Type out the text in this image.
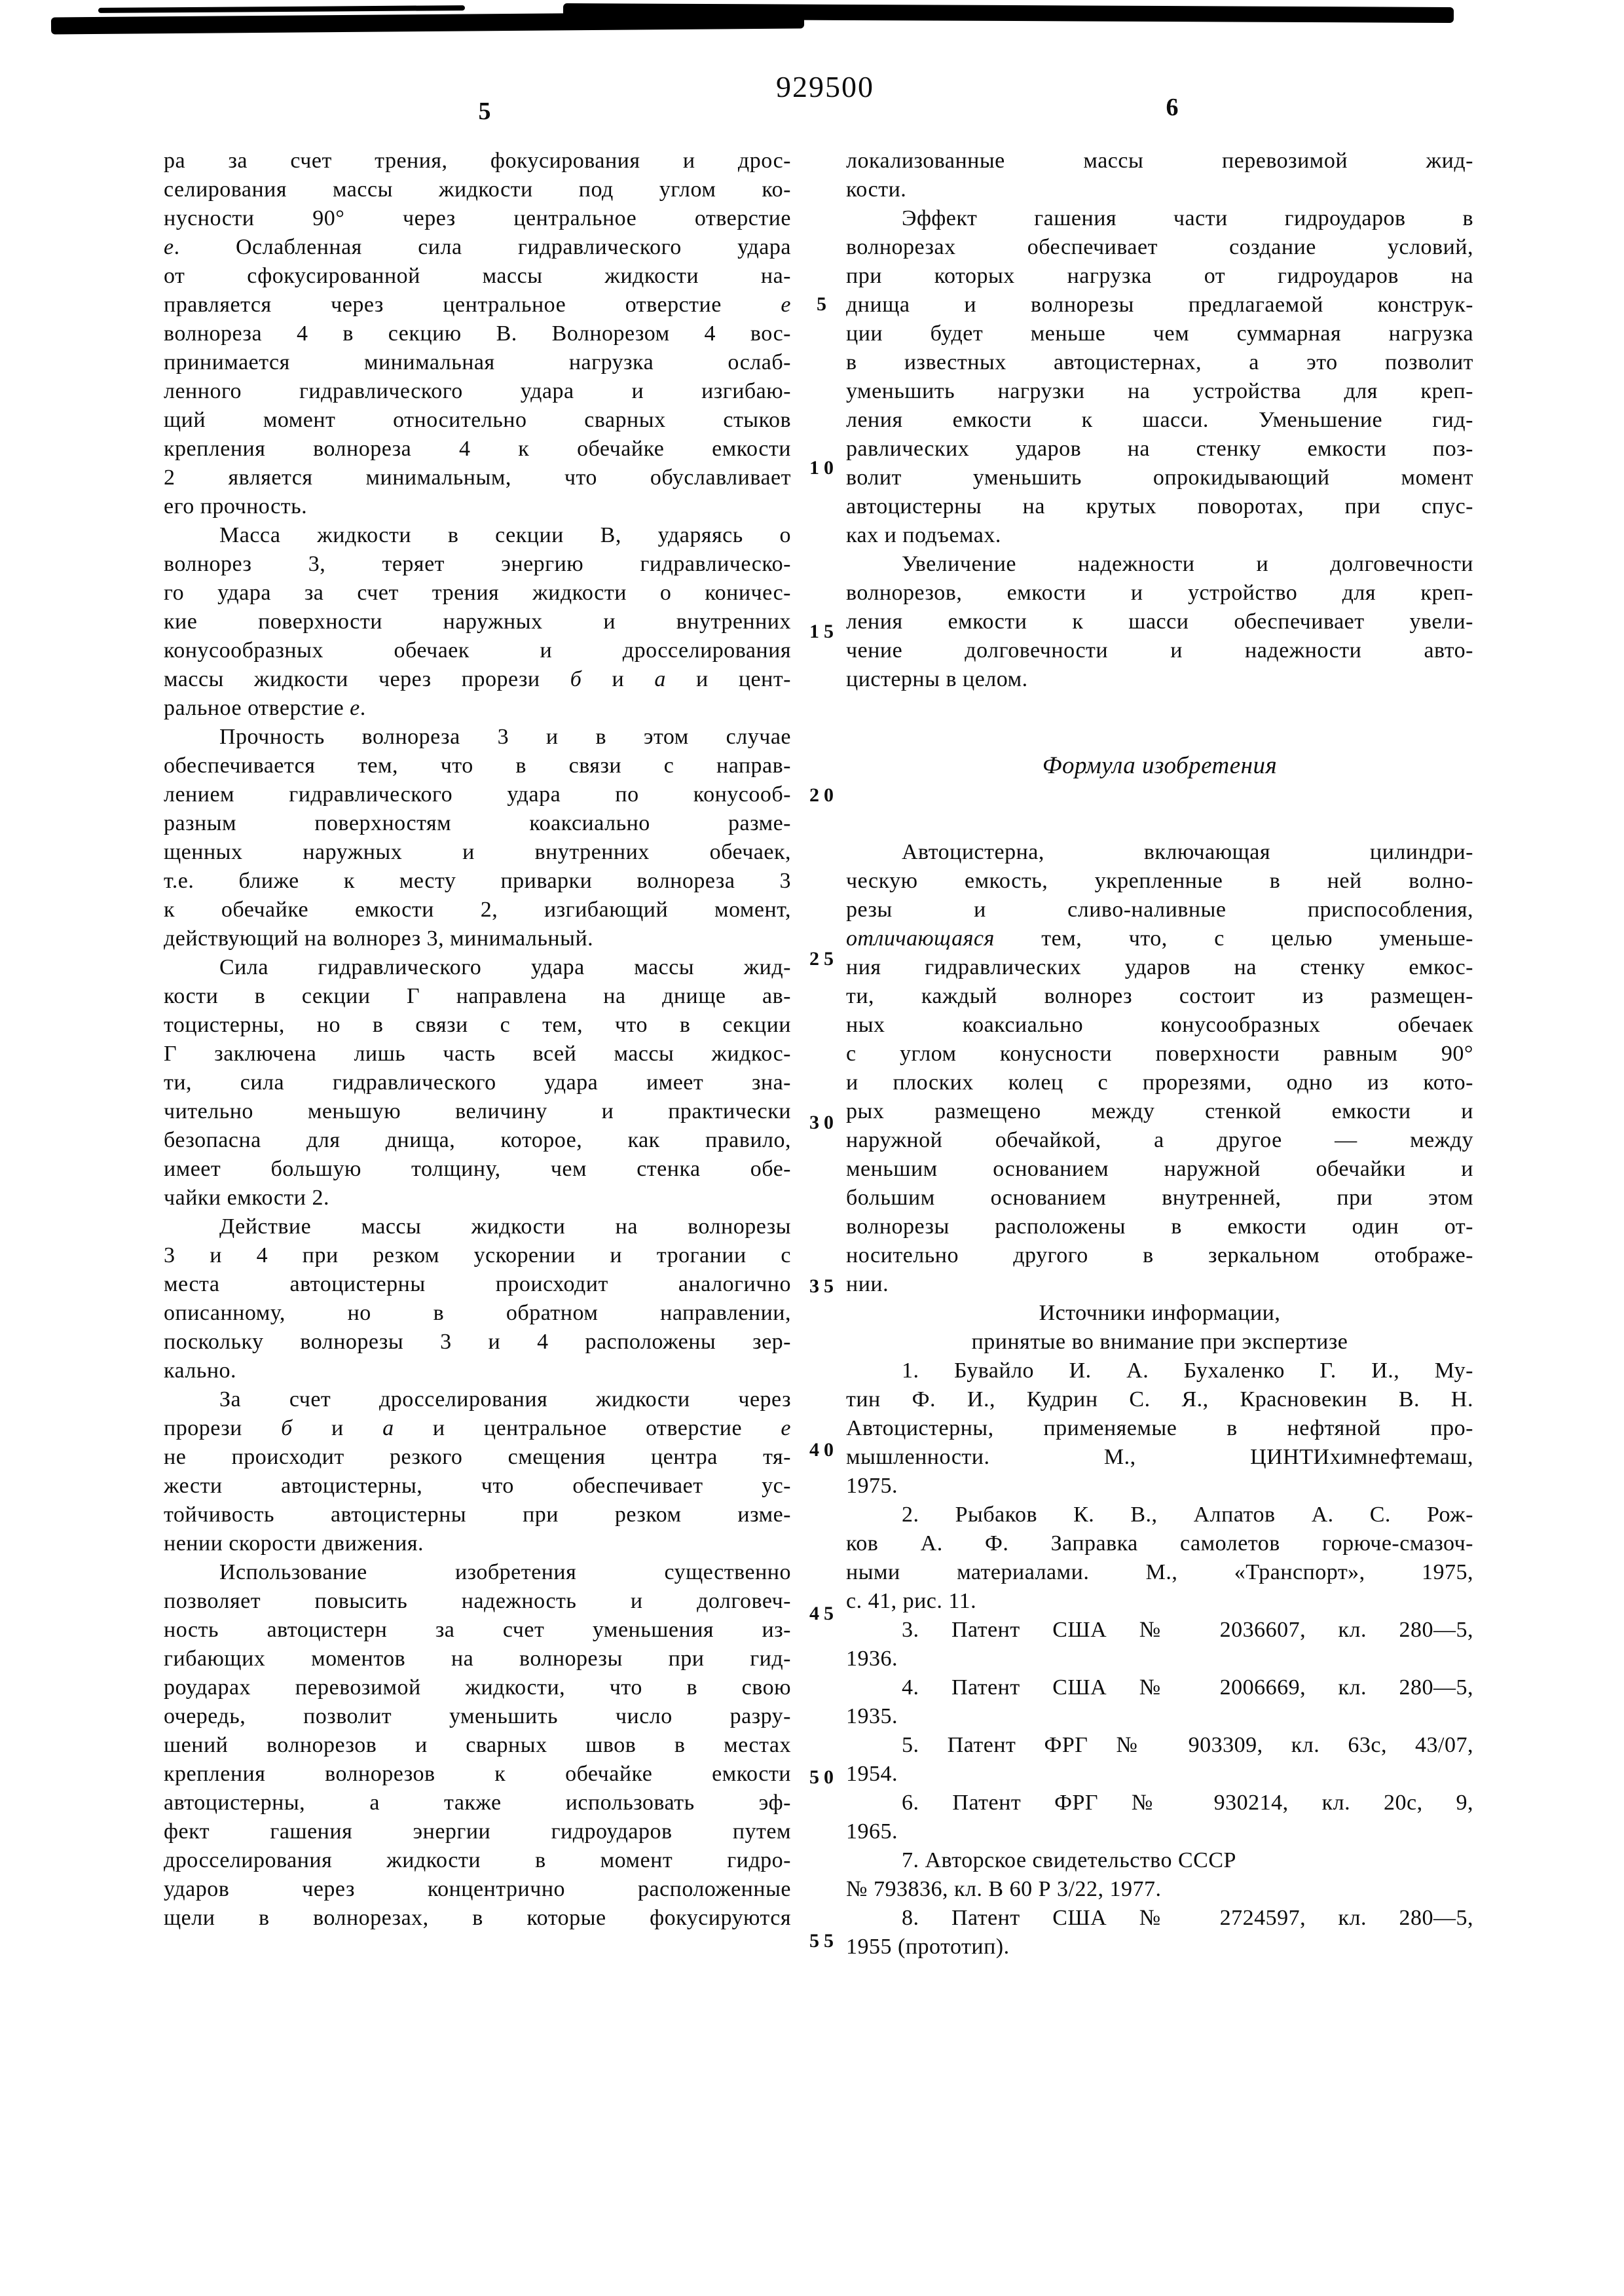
929500
5	6
ра за счет трения, фокусирования и дрос-
селирования массы жидкости под углом ко-
нусности 90° через центральное отверстие
е. Ослабленная сила гидравлического удара
от сфокусированной массы жидкости на-
правляется через центральное отверстие е
волнореза 4 в секцию В. Волнорезом 4 вос-
принимается минимальная нагрузка ослаб-
ленного гидравлического удара и изгибаю-
щий момент относительно сварных стыков
крепления волнореза 4 к обечайке емкости
2 является минимальным, что обуславливает
его прочность.
Масса жидкости в секции В, ударяясь о
волнорез 3, теряет энергию гидравлическо-
го удара за счет трения жидкости о коничес-
кие поверхности наружных и внутренних
конусообразных обечаек и дросселирования
массы жидкости через прорези б и а и цент-
ральное отверстие е.
Прочность волнореза 3 и в этом случае
обеспечивается тем, что в связи с направ-
лением гидравлического удара по конусооб-
разным поверхностям коаксиально разме-
щенных наружных и внутренних обечаек,
т.е. ближе к месту приварки волнореза 3
к обечайке емкости 2, изгибающий момент,
действующий на волнорез 3, минимальный.
Сила гидравлического удара массы жид-
кости в секции Г направлена на днище ав-
тоцистерны, но в связи с тем, что в секции
Г заключена лишь часть всей массы жидкос-
ти, сила гидравлического удара имеет зна-
чительно меньшую величину и практически
безопасна для днища, которое, как правило,
имеет большую толщину, чем стенка обе-
чайки емкости 2.
Действие массы жидкости на волнорезы
3 и 4 при резком ускорении и трогании с
места автоцистерны происходит аналогично
описанному, но в обратном направлении,
поскольку волнорезы 3 и 4 расположены зер-
кально.
За счет дросселирования жидкости через
прорези б и а и центральное отверстие е
не происходит резкого смещения центра тя-
жести автоцистерны, что обеспечивает ус-
тойчивость автоцистерны при резком изме-
нении скорости движения.
Использование изобретения существенно
позволяет повысить надежность и долговеч-
ность автоцистерн за счет уменьшения из-
гибающих моментов на волнорезы при гид-
роударах перевозимой жидкости, что в свою
очередь, позволит уменьшить число разру-
шений волнорезов и сварных швов в местах
крепления волнорезов к обечайке емкости
автоцистерны, а также использовать эф-
фект гашения энергии гидроударов путем
дросселирования жидкости в момент гидро-
ударов через концентрично расположенные
щели в волнорезах, в которые фокусируются
локализованные массы перевозимой жид-
кости.
Эффект гашения части гидроударов в
волнорезах обеспечивает создание условий,
при которых нагрузка от гидроударов на
днища и волнорезы предлагаемой конструк-
ции будет меньше чем суммарная нагрузка
в известных автоцистернах, а это позволит
уменьшить нагрузки на устройства для креп-
ления емкости к шасси. Уменьшение гид-
равлических ударов на стенку емкости поз-
волит уменьшить опрокидывающий момент
автоцистерны на крутых поворотах, при спус-
ках и подъемах.
Увеличение надежности и долговечности
волнорезов, емкости и устройство для креп-
ления емкости к шасси обеспечивает увели-
чение долговечности и надежности авто-
цистерны в целом.

Формула изобретения

Автоцистерна, включающая цилиндри-
ческую емкость, укрепленные в ней волно-
резы и сливо-наливные приспособления,
отличающаяся тем, что, с целью уменьше-
ния гидравлических ударов на стенку емкос-
ти, каждый волнорез состоит из размещен-
ных коаксиально конусообразных обечаек
с углом конусности поверхности равным 90°
и плоских колец с прорезями, одно из кото-
рых размещено между стенкой емкости и
наружной обечайкой, а другое — между
меньшим основанием наружной обечайки и
большим основанием внутренней, при этом
волнорезы расположены в емкости один от-
носительно другого в зеркальном отображе-
нии.
Источники информации,
принятые во внимание при экспертизе
1. Бувайло И. А. Бухаленко Г. И., Му-
тин Ф. И., Кудрин С. Я., Красновекин В. Н.
Автоцистерны, применяемые в нефтяной про-
мышленности. М., ЦИНТИхимнефтемаш,
1975.
2. Рыбаков К. В., Алпатов А. С. Рож-
ков А. Ф. Заправка самолетов горюче-смазоч-
ными материалами. М., «Транспорт», 1975,
с. 41, рис. 11.
3. Патент США № 2036607, кл. 280—5,
1936.
4. Патент США № 2006669, кл. 280—5,
1935.
5. Патент ФРГ № 903309, кл. 63с, 43/07,
1954.
6. Патент ФРГ № 930214, кл. 20с, 9,
1965.
7. Авторское свидетельство СССР
№ 793836, кл. В 60 Р 3/22, 1977.
8. Патент США № 2724597, кл. 280—5,
1955 (прототип).
5
10
15
20
25
30
35
40
45
50
55
